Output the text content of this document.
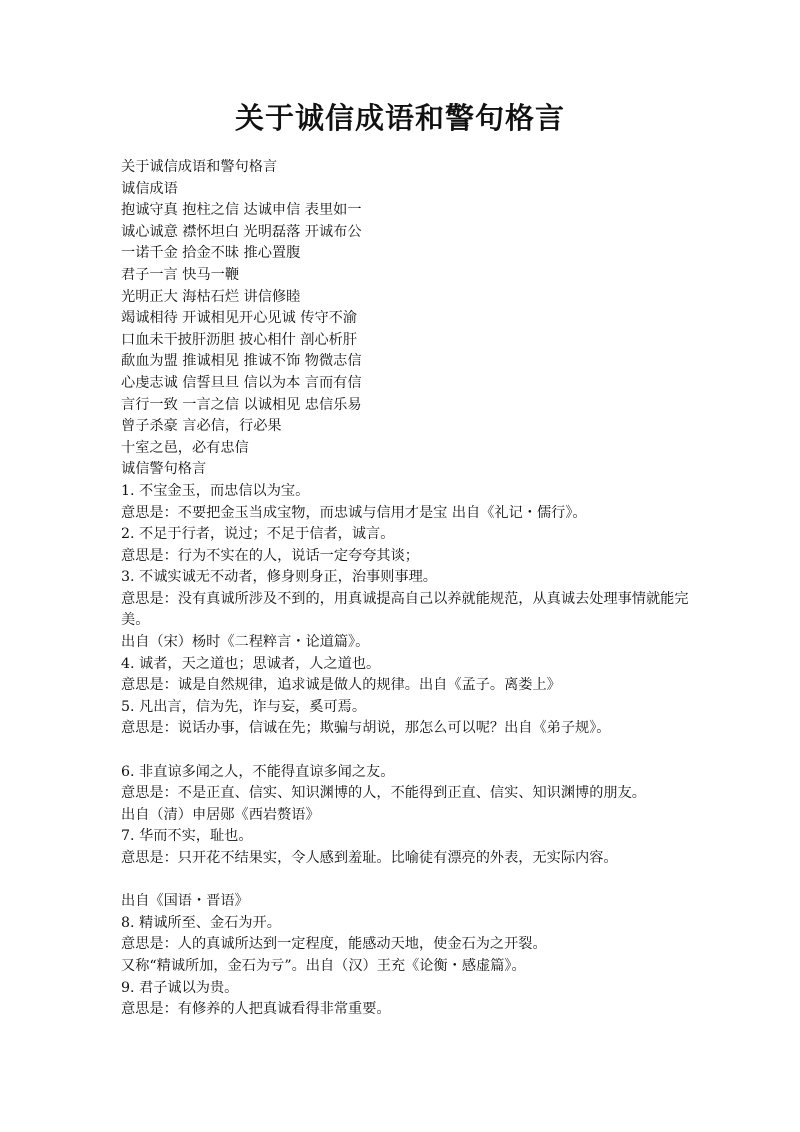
关于诚信成语和警句格言
关于诚信成语和警句格言
诚信成语
抱诚守真 抱柱之信 达诚申信 表里如一
诚心诚意 襟怀坦白 光明磊落 开诚布公
一诺千金 拾金不昧 推心置腹
君子一言 快马一鞭
光明正大 海枯石烂 讲信修睦
竭诚相待 开诚相见开心见诚 传守不渝
口血未干披肝沥胆 披心相什 剖心析肝
歃血为盟 推诚相见 推诚不饰 物微志信
心虔志诚 信誓旦旦 信以为本 言而有信
言行一致 一言之信 以诚相见 忠信乐易
曾子杀豪 言必信，行必果
十室之邑，必有忠信
诚信警句格言
1. 不宝金玉，而忠信以为宝。
意思是：不要把金玉当成宝物，而忠诚与信用才是宝 出自《礼记・儒行》。
2. 不足于行者，说过；不足于信者，诚言。
意思是：行为不实在的人，说话一定夸夸其谈；
3. 不诚实诚无不动者，修身则身正，治事则事理。
意思是：没有真诚所涉及不到的，用真诚提高自己以养就能规范，从真诚去处理事情就能完美。
出自（宋）杨时《二程粹言・论道篇》。
4. 诚者，天之道也；思诚者，人之道也。
意思是：诚是自然规律，追求诚是做人的规律。出自《孟子。离娄上》
5. 凡出言，信为先，诈与妄，奚可焉。
意思是：说话办事，信诚在先；欺骗与胡说，那怎么可以呢？出自《弟子规》。
6. 非直谅多闻之人，不能得直谅多闻之友。
意思是：不是正直、信实、知识渊博的人，不能得到正直、信实、知识渊博的朋友。
出自（清）申居郧《西岩赘语》
7. 华而不实，耻也。
意思是：只开花不结果实，令人感到羞耻。比喻徒有漂亮的外表，无实际内容。
出自《国语・晋语》
8. 精诚所至、金石为开。
意思是：人的真诚所达到一定程度，能感动天地，使金石为之开裂。
又称“精诚所加，金石为亏”。出自（汉）王充《论衡・感虚篇》。
9. 君子诚以为贵。
意思是：有修养的人把真诚看得非常重要。
